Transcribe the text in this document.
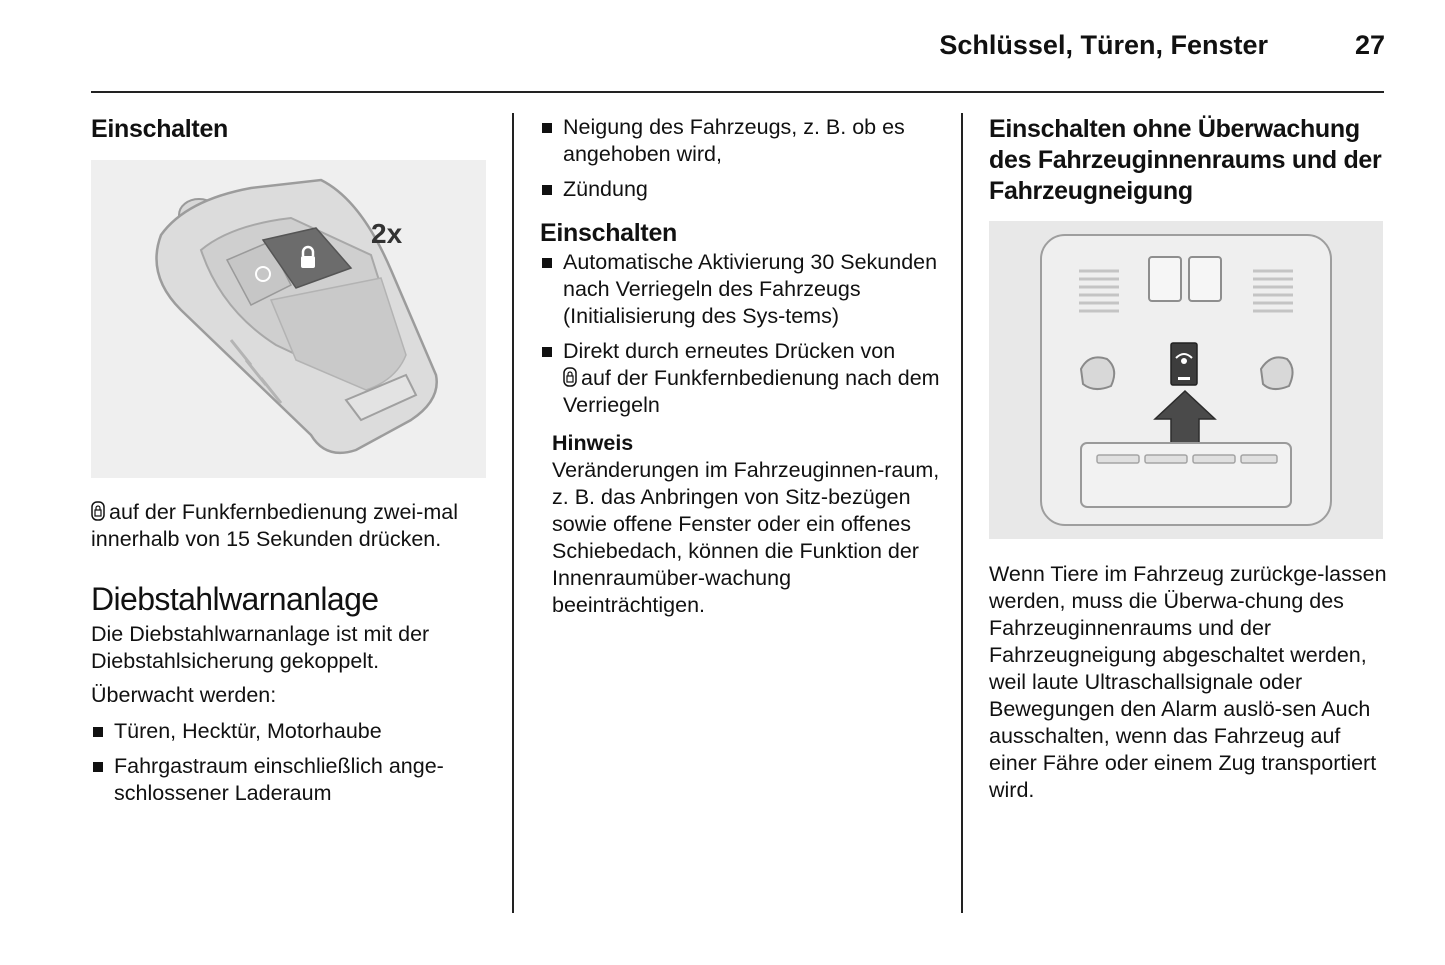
Schlüssel, Türen, Fenster	27
Einschalten
2x

auf der Funkfernbedienung zwei-mal innerhalb von 15 Sekunden drücken.

Diebstahlwarnanlage

Die Diebstahlwarnanlage ist mit der Diebstahlsicherung gekoppelt.

Überwacht werden:

Türen, Hecktür, Motorhaube
Fahrgastraum einschließlich ange-schlossener Laderaum
Neigung des Fahrzeugs, z. B. ob es angehoben wird,
Zündung
Einschalten
Automatische Aktivierung 30 Sekunden nach Verriegeln des Fahrzeugs (Initialisierung des Sys-tems)
Direkt durch erneutes Drücken von
auf der Funkfernbedienung nach dem Verriegeln
Hinweis

Veränderungen im Fahrzeuginnen-raum, z. B. das Anbringen von Sitz-bezügen sowie offene Fenster oder ein offenes Schiebedach, können die Funktion der Innenraumüber-wachung beeinträchtigen.

Einschalten ohne Überwachung des Fahrzeuginnenraums und der Fahrzeugneigung

Wenn Tiere im Fahrzeug zurückge-lassen werden, muss die Überwa-chung des Fahrzeuginnenraums und der Fahrzeugneigung abgeschaltet werden, weil laute Ultraschallsignale oder Bewegungen den Alarm auslö-sen Auch ausschalten, wenn das Fahrzeug auf einer Fähre oder einem Zug transportiert wird.
